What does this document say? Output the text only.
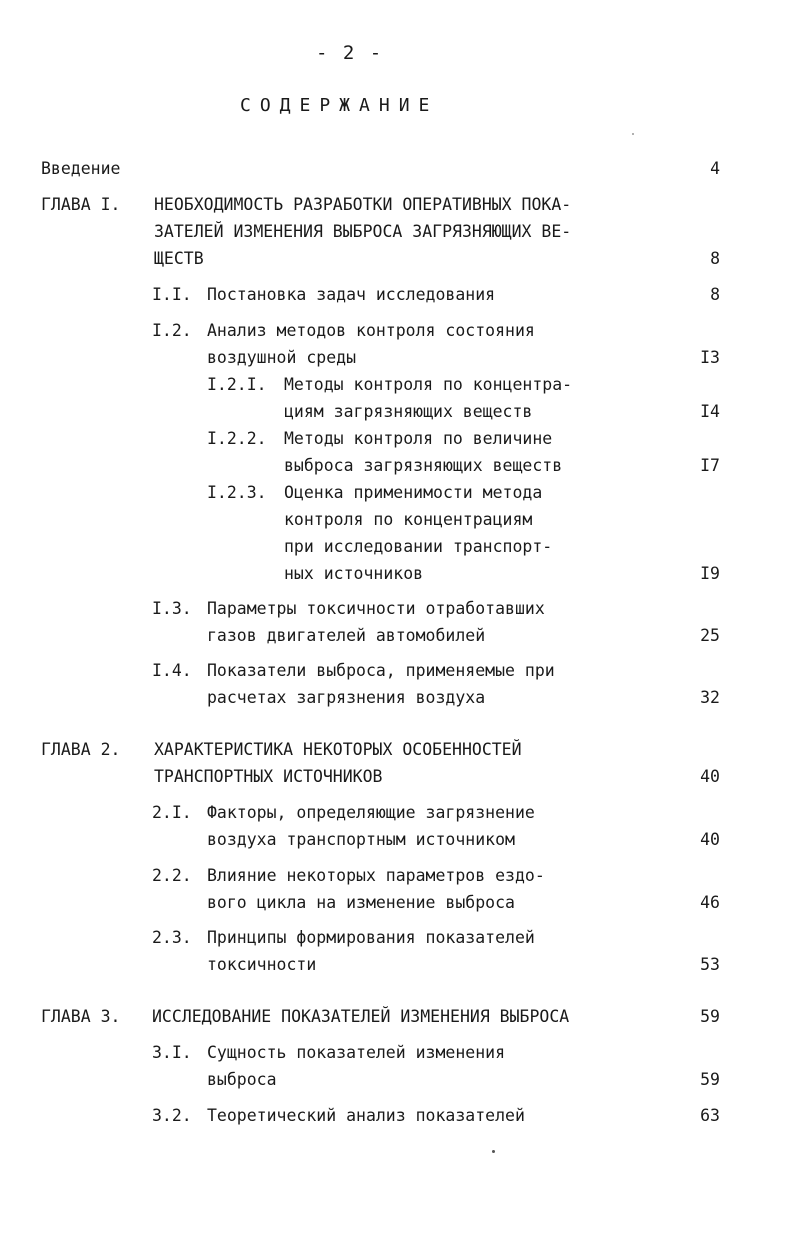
- 2 -
СОДЕРЖАНИЕ
Введение	4
ГЛАВА I. НЕОБХОДИМОСТЬ РАЗРАБОТКИ ОПЕРАТИВНЫХ ПОКА-
ЗАТЕЛЕЙ ИЗМЕНЕНИЯ ВЫБРОСА ЗАГРЯЗНЯЮЩИХ ВЕ-
ЩЕСТВ	8
I.I. Постановка задач исследования	8
I.2. Анализ методов контроля состояния
воздушной среды	I3
I.2.I. Методы контроля по концентра-
циям загрязняющих веществ	I4
I.2.2. Методы контроля по величине
выброса загрязняющих веществ	I7
I.2.3. Оценка применимости метода
контроля по концентрациям
при исследовании транспорт-
ных источников	I9
I.3. Параметры токсичности отработавших
газов двигателей автомобилей	25
I.4. Показатели выброса, применяемые при
расчетах загрязнения воздуха	32
ГЛАВА 2. ХАРАКТЕРИСТИКА НЕКОТОРЫХ ОСОБЕННОСТЕЙ
ТРАНСПОРТНЫХ ИСТОЧНИКОВ	40
2.I. Факторы, определяющие загрязнение
воздуха транспортным источником	40
2.2. Влияние некоторых параметров ездо-
вого цикла на изменение выброса	46
2.3. Принципы формирования показателей
токсичности	53
ГЛАВА 3. ИССЛЕДОВАНИЕ ПОКАЗАТЕЛЕЙ ИЗМЕНЕНИЯ ВЫБРОСА	59
3.I. Сущность показателей изменения
выброса	59
3.2. Теоретический анализ показателей	63
